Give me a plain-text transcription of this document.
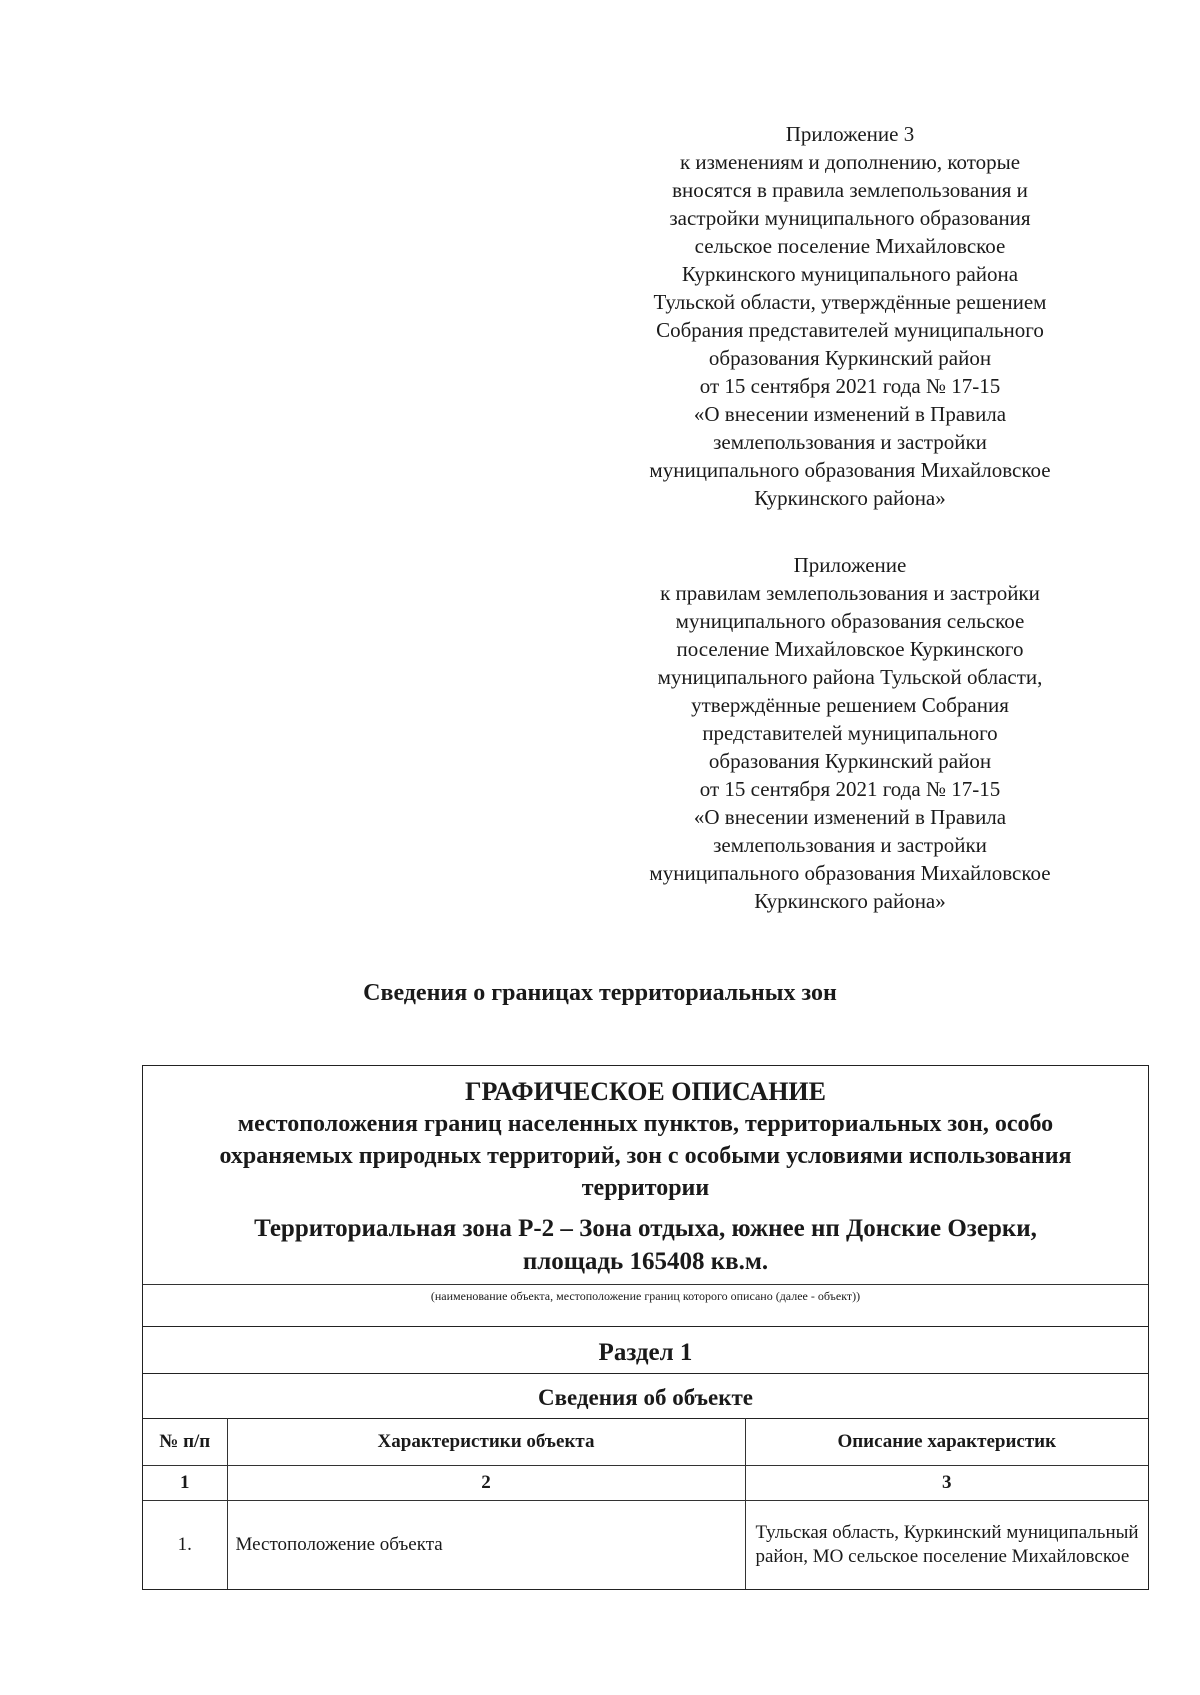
Приложение 3
к изменениям и дополнению, которые
вносятся в правила землепользования и
застройки муниципального образования
сельское поселение Михайловское
Куркинского муниципального района
Тульской области, утверждённые решением
Собрания представителей муниципального
образования Куркинский район
от 15 сентября 2021 года № 17-15
«О внесении изменений в Правила
землепользования и застройки
муниципального образования Михайловское
Куркинского района»
Приложение
к правилам землепользования и застройки
муниципального образования сельское
поселение Михайловское Куркинского
муниципального района Тульской области,
утверждённые решением Собрания
представителей муниципального
образования Куркинский район
от 15 сентября 2021 года № 17-15
«О внесении изменений в Правила
землепользования и застройки
муниципального образования Михайловское
Куркинского района»
Сведения о границах территориальных зон
ГРАФИЧЕСКОЕ ОПИСАНИЕ
местоположения границ населенных пунктов, территориальных зон, особо
охраняемых природных территорий, зон с особыми условиями использования
территории
Территориальная зона Р-2 – Зона отдыха, южнее нп Донские Озерки,
площадь 165408 кв.м.
(наименование объекта, местоположение границ которого описано (далее - объект))
Раздел 1
Сведения об объекте
№ п/п	Характеристики объекта	Описание характеристик
1	2	3
1.	Местоположение объекта	Тульская область, Куркинский муниципальный район, МО сельское поселение Михайловское
